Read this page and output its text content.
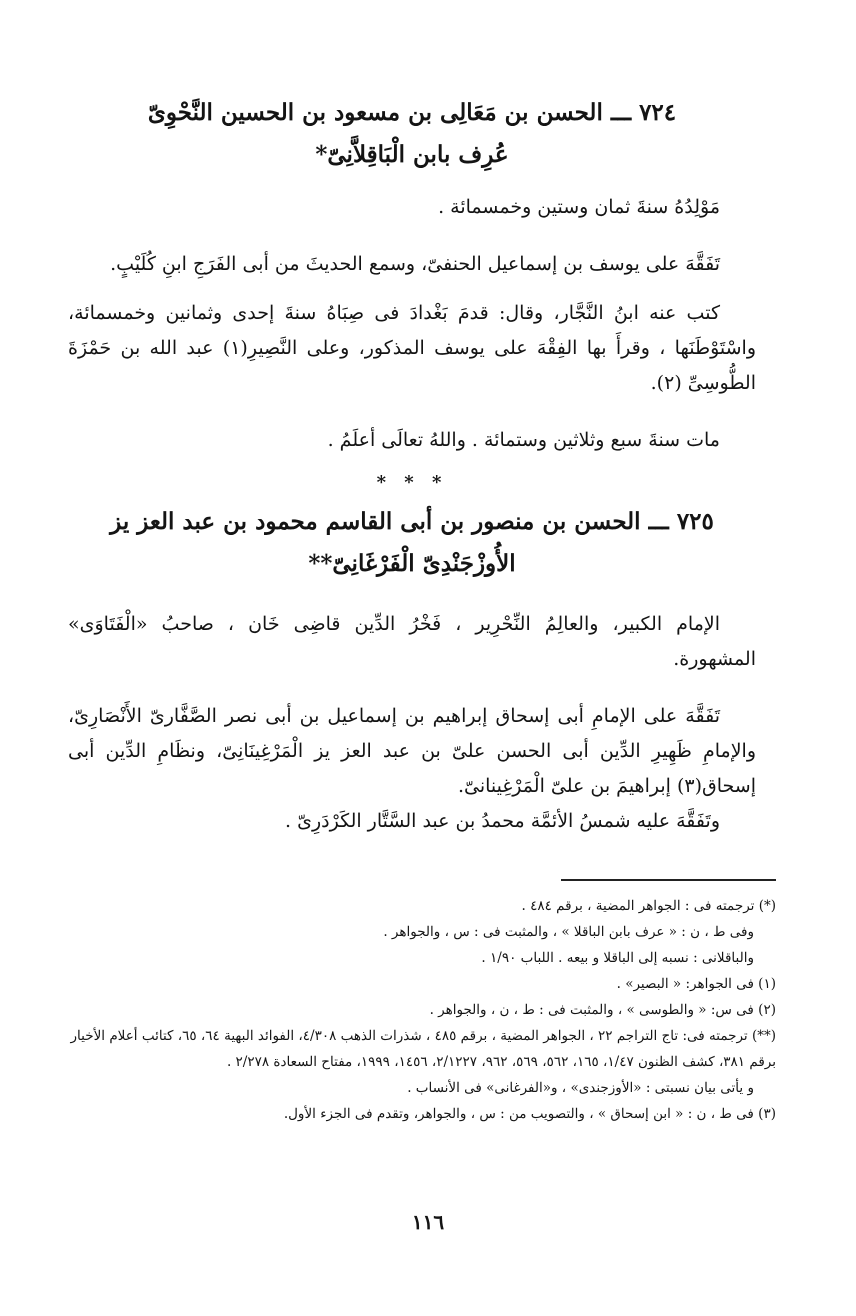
٧٢٤ ـــ الحسن بن مَعَالِى بن مسعود بن الحسين النَّحْوِىّ

عُرِف بابن الْبَاقِلاَّنِىّ*

مَوْلِدُهُ سنةَ ثمان وستين وخمسمائة .

تَفَقَّهَ على يوسف بن إسماعيل الحنفىّ، وسمع الحديثَ من أبى الفَرَجِ ابنِ كُلَيْبٍ.

كتب عنه ابنُ النَّجَّار، وقال: قدمَ بَغْدادَ فى صِبَاهُ سنةَ إحدى وثمانين وخمسمائة، واسْتَوْطَنَها ، وقرأَ بها الفِقْهَ على يوسف المذكور، وعلى النَّصِيرِ(١) عبد الله بن حَمْزَةَ الطُّوسِىِّ (٢).

مات سنةَ سبع وثلاثين وستمائة . واللهُ تعالَى أعلَمُ .

* * *

٧٢٥ ـــ الحسن بن منصور بن أبى القاسم محمود بن عبد العز يز

الأُوزْجَنْدِىّ الْفَرْغَانِىّ**

الإمام الكبير، والعالِمُ النِّحْرِير ، فَخْرُ الدِّين قاضِى خَان ، صاحبُ «الْفَتَاوَى» المشهورة.

تَفَقَّهَ على الإمامِ أبى إسحاق إبراهيم بن إسماعيل بن أبى نصر الصَّفَّارىّ الأَنْصَارِىّ، والإمامِ ظَهِيرِ الدِّين أبى الحسن علىّ بن عبد العز يز الْمَرْغِينَانِىّ، ونظَامِ الدِّين أبى إسحاق(٣) إبراهيمَ بن علىّ الْمَرْغِينانىّ.

وتَفَقَّهَ عليه شمسُ الأئمَّة محمدُ بن عبد السَّتَّار الكَرْدَرِىّ .

(*) ترجمته فى : الجواهر المضية ، برقم ٤٨٤ .

وفى ط ، ن : « عرف بابن الباقلا » ، والمثبت فى : س ، والجواهر .

والباقلانى : نسبه إلى الباقلا و بيعه . اللباب ١/٩٠ .

(١) فى الجواهر: « البصير» .

(٢) فى س: « والطوسى » ، والمثبت فى : ط ، ن ، والجواهر .

(**) ترجمته فى: تاج التراجم ٢٢ ، الجواهر المضية ، برقم ٤٨٥ ، شذرات الذهب ٤/٣٠٨، الفوائد البهية ٦٤، ٦٥، كتائب أعلام الأخيار برقم ٣٨١، كشف الظنون ١/٤٧، ١٦٥، ٥٦٢، ٥٦٩، ٩٦٢، ٢/١٢٢٧، ١٤٥٦، ١٩٩٩، مفتاح السعادة ٢/٢٧٨ .

و يأتى بيان نسبتى : «الأوزجندى» ، و«الفرغانى» فى الأنساب .

(٣) فى ط ، ن : « ابن إسحاق » ، والتصويب من : س ، والجواهر، وتقدم فى الجزء الأول.

١١٦
